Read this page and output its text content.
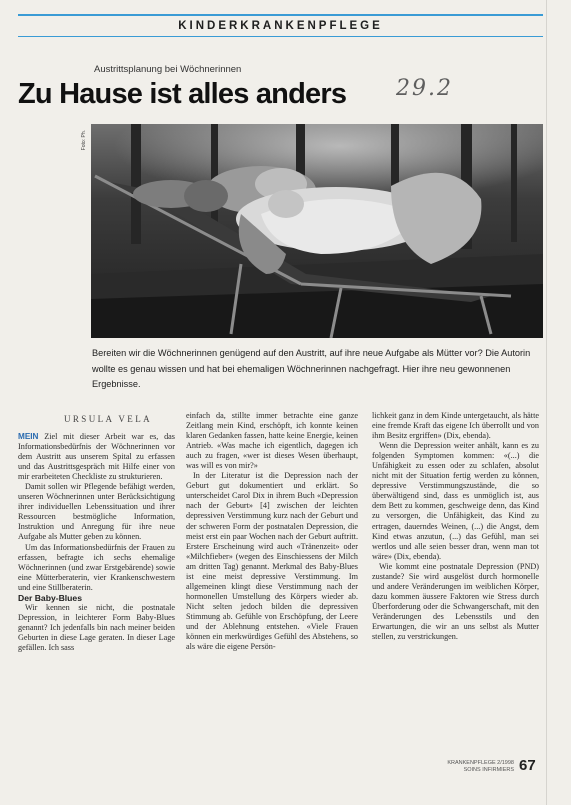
KINDERKRANKENPFLEGE
Austrittsplanung bei Wöchnerinnen
Zu Hause ist alles anders 29.2
Foto: Ph.
Bereiten wir die Wöchnerinnen genügend auf den Austritt, auf ihre neue Aufgabe als Mütter vor? Die Autorin wollte es genau wissen und hat bei ehemaligen Wöchnerinnen nachgefragt. Hier ihre neu gewonnenen Ergebnisse.
URSULA VELA

MEIN Ziel mit dieser Arbeit war es, das Informationsbedürfnis der Wöchnerinnen vor dem Austritt aus unserem Spital zu erfassen und das Austrittsgespräch mit Hilfe einer von mir erarbeiteten Checkliste zu strukturieren.

Damit sollen wir Pflegende befähigt werden, unseren Wöchnerinnen unter Berücksichtigung ihrer individuellen Lebenssituation und ihrer Ressourcen bestmögliche Information, Instruktion und Anregung für ihre neue Aufgabe als Mutter geben zu können.

Um das Informationsbedürfnis der Frauen zu erfassen, befragte ich sechs ehemalige Wöchnerinnen (und zwar Erstgebärende) sowie eine Mütterberaterin, vier Krankenschwestern und eine Stillberaterin.

Der Baby-Blues

Wir kennen sie nicht, die postnatale Depression, in leichterer Form Baby-Blues genannt? Ich jedenfalls bin nach meiner beiden Geburten in diese Lage geraten. In dieser Lage gefällen. Ich sass

einfach da, stillte immer betrachte eine ganze Zeitlang mein Kind, erschöpft, ich konnte keinen klaren Gedanken fassen, hatte keine Energie, keinen Antrieb. «Was mache ich eigentlich, dagegen ich auch zu fragen, «wer ist dieses Wesen überhaupt, was will es von mir?»

In der Literatur ist die Depression nach der Geburt gut dokumentiert und erklärt. So unterscheidet Carol Dix in ihrem Buch «Depression nach der Geburt» [4] zwischen der leichten depressiven Verstimmung kurz nach der Geburt und der schweren Form der postnatalen Depression, die meist erst ein paar Wochen nach der Geburt auftritt. Erstere Erscheinung wird auch «Tränenzeit» oder «Milchfieber» (wegen des Einschiessens der Milch am dritten Tag) genannt. Merkmal des Baby-Blues ist eine meist depressive Verstimmung. Im allgemeinen klingt diese Verstimmung nach der hormonellen Umstellung des Körpers wieder ab. Nicht selten jedoch bilden die depressiven Stimmung ab. Gefühle von Erschöpfung, der Leere und der Ablehnung entstehen. «Viele Frauen können ein merkwürdiges Gefühl des Abstehens, so als wäre die eigene Persön-

lichkeit ganz in dem Kinde untergetaucht, als hätte eine fremde Kraft das eigene Ich überrollt und von ihm Besitz ergriffen» (Dix, ebenda).

Wenn die Depression weiter anhält, kann es zu folgenden Symptomen kommen: «(...) die Unfähigkeit zu essen oder zu schlafen, absolut nicht mit der Situation fertig werden zu können, depressive Verstimmungszustände, die so überwältigend sind, dass es unmöglich ist, aus dem Bett zu kommen, geschweige denn, das Kind zu versorgen, die Unfähigkeit, das Kind zu ertragen, dauerndes Weinen, (...) die Angst, dem Kind etwas anzutun, (...) das Gefühl, man sei wertlos und alle seien besser dran, wenn man tot wäre» (Dix, ebenda).

Wie kommt eine postnatale Depression (PND) zustande? Sie wird ausgelöst durch hormonelle und andere Veränderungen im weiblichen Körper, dazu kommen äussere Faktoren wie Stress durch Überforderung oder die Schwangerschaft, mit den Veränderungen des Lebensstils und den Erwartungen, die wir an uns selbst als Mutter stellen, zu verstrickungen.

KRANKENPFLEGE 2/1998 SOINS INFIRMIERS 67
